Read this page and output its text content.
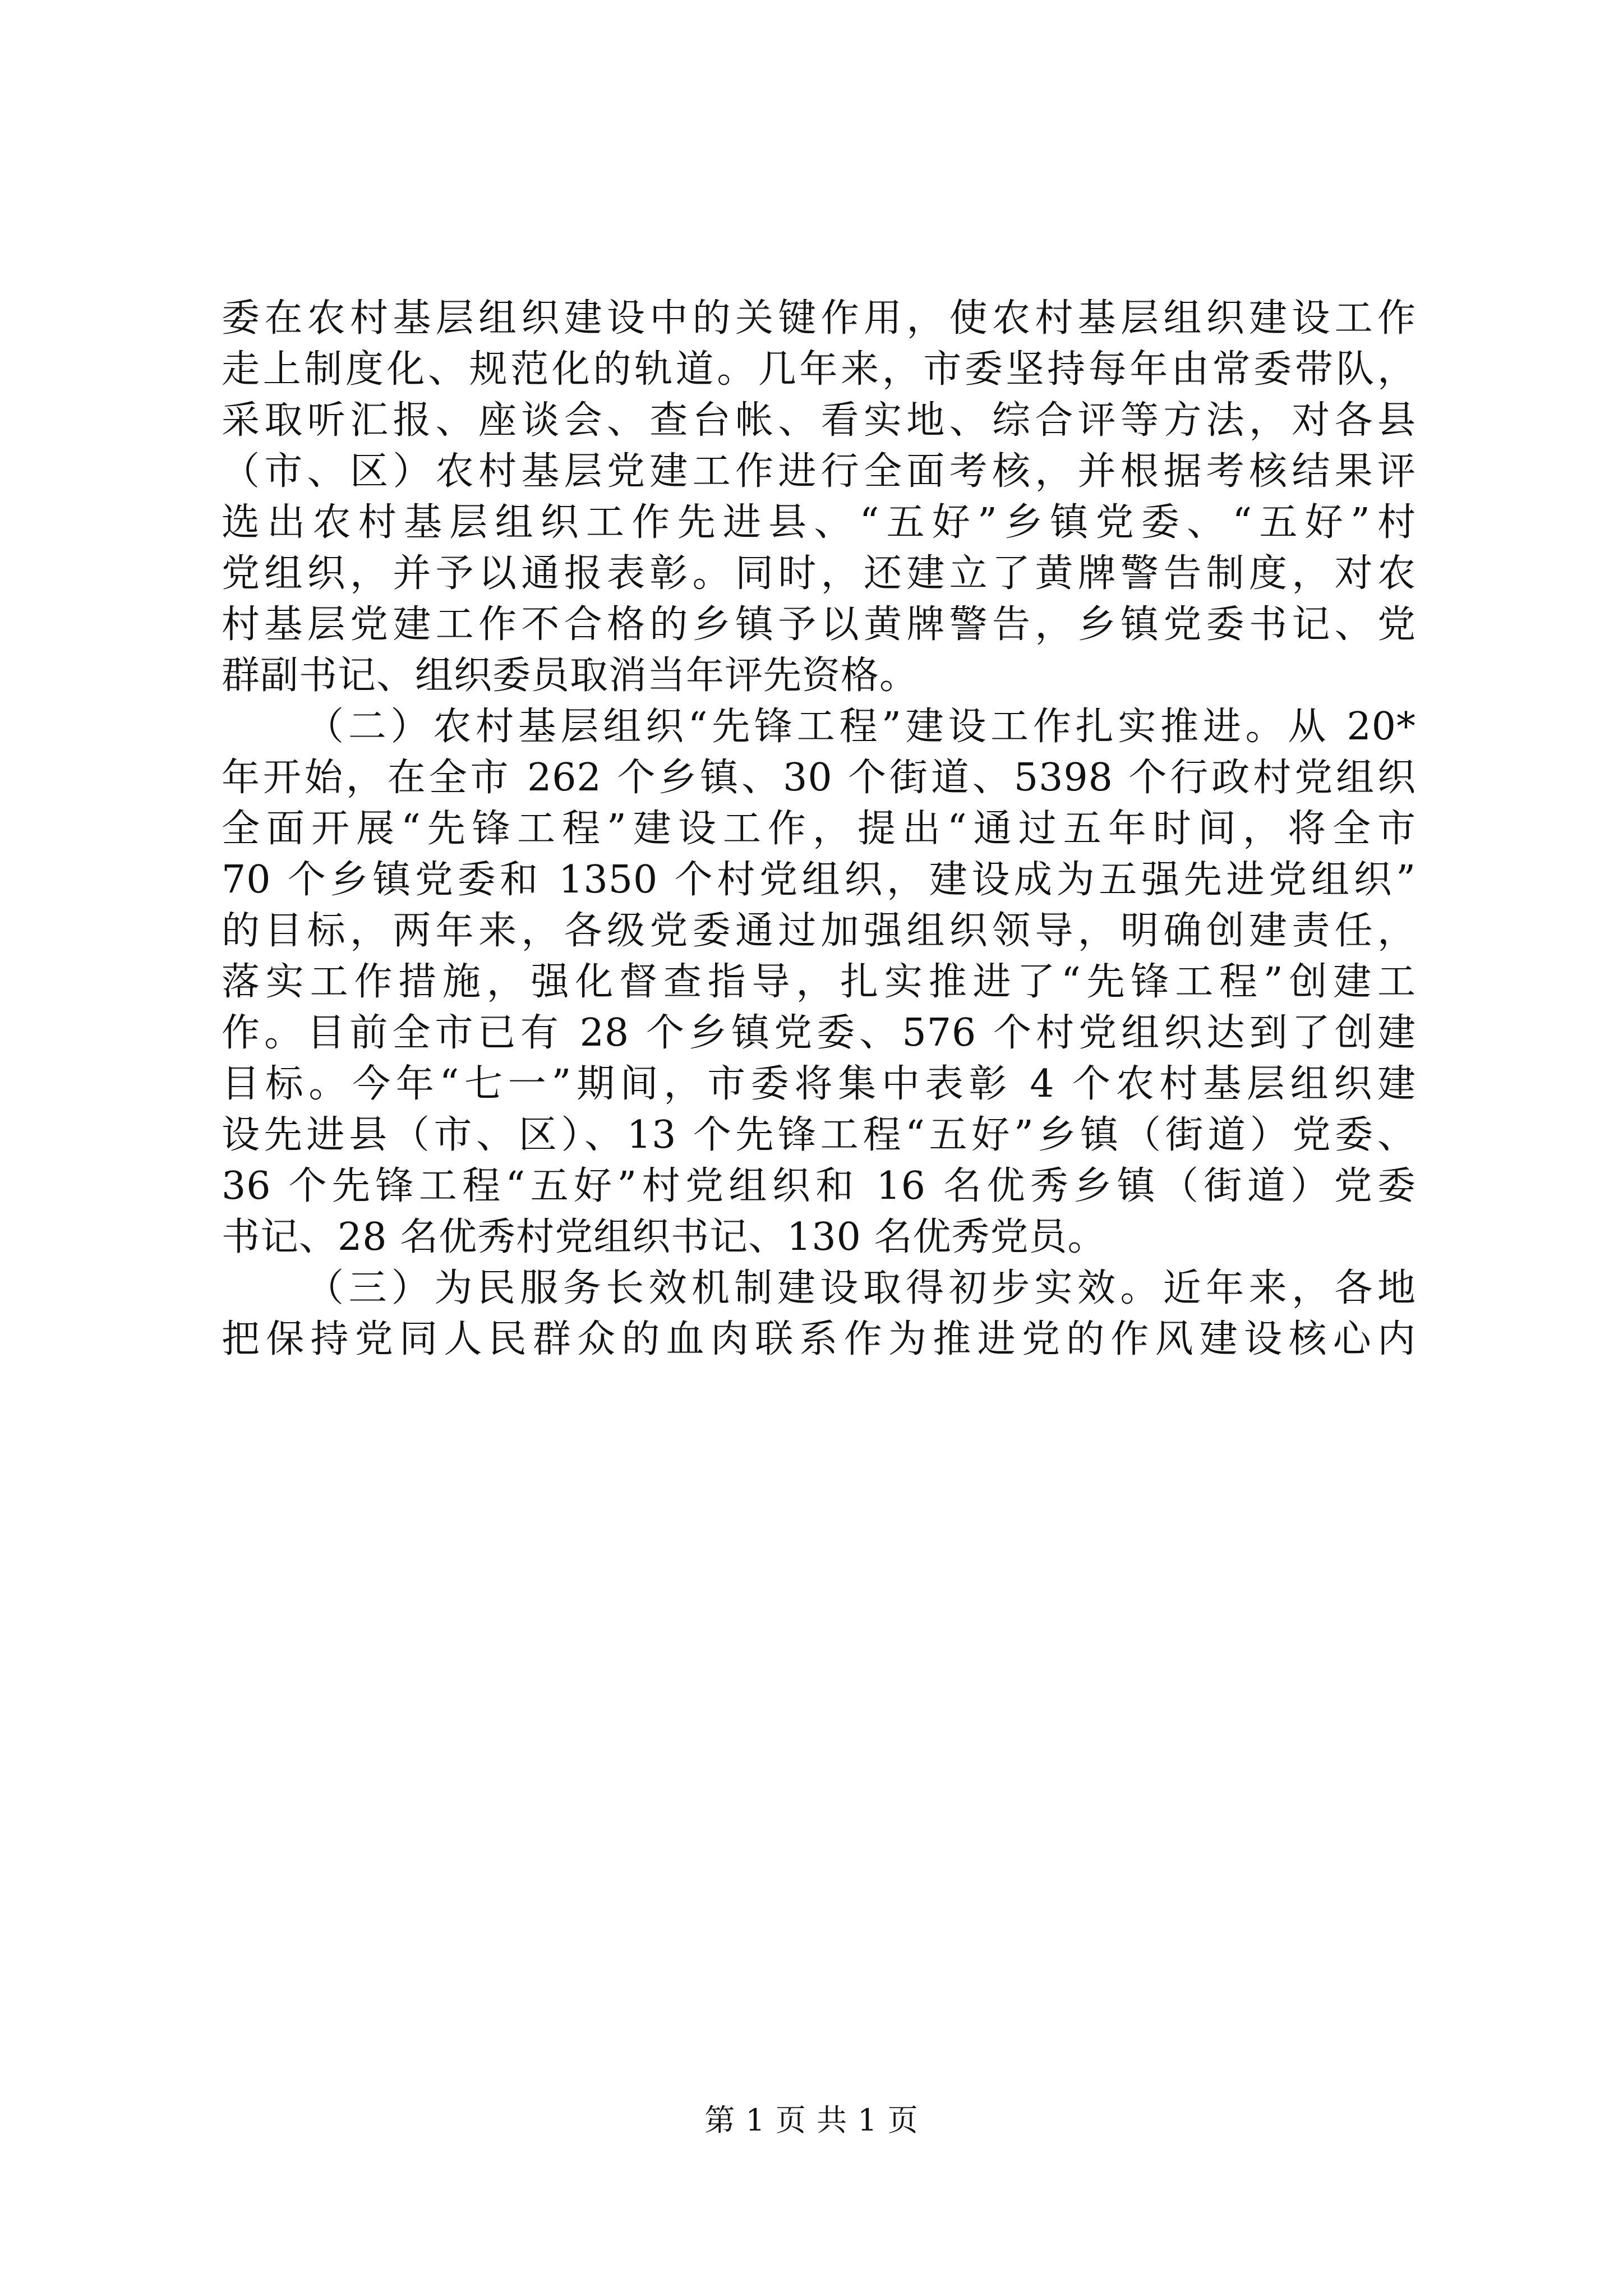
委在农村基层组织建设中的关键作用，使农村基层组织建设工作

走上制度化、规范化的轨道。几年来，市委坚持每年由常委带队，

采取听汇报、座谈会、查台帐、看实地、综合评等方法，对各县

（市、区）农村基层党建工作进行全面考核，并根据考核结果评

选出农村基层组织工作先进县、“五好”乡镇党委、“五好”村

党组织，并予以通报表彰。同时，还建立了黄牌警告制度，对农

村基层党建工作不合格的乡镇予以黄牌警告，乡镇党委书记、党

群副书记、组织委员取消当年评先资格。

（二）农村基层组织“先锋工程”建设工作扎实推进。从 20*

年开始，在全市 262 个乡镇、30 个街道、5398 个行政村党组织

全面开展“先锋工程”建设工作，提出“通过五年时间，将全市

70 个乡镇党委和 1350 个村党组织，建设成为五强先进党组织”

的目标，两年来，各级党委通过加强组织领导，明确创建责任，

落实工作措施，强化督查指导，扎实推进了“先锋工程”创建工

作。目前全市已有 28 个乡镇党委、576 个村党组织达到了创建

目标。今年“七一”期间，市委将集中表彰 4 个农村基层组织建

设先进县（市、区）、13 个先锋工程“五好”乡镇（街道）党委、

36 个先锋工程“五好”村党组织和 16 名优秀乡镇（街道）党委

书记、28 名优秀村党组织书记、130 名优秀党员。

（三）为民服务长效机制建设取得初步实效。近年来，各地

把保持党同人民群众的血肉联系作为推进党的作风建设核心内

第 1 页 共 1 页
